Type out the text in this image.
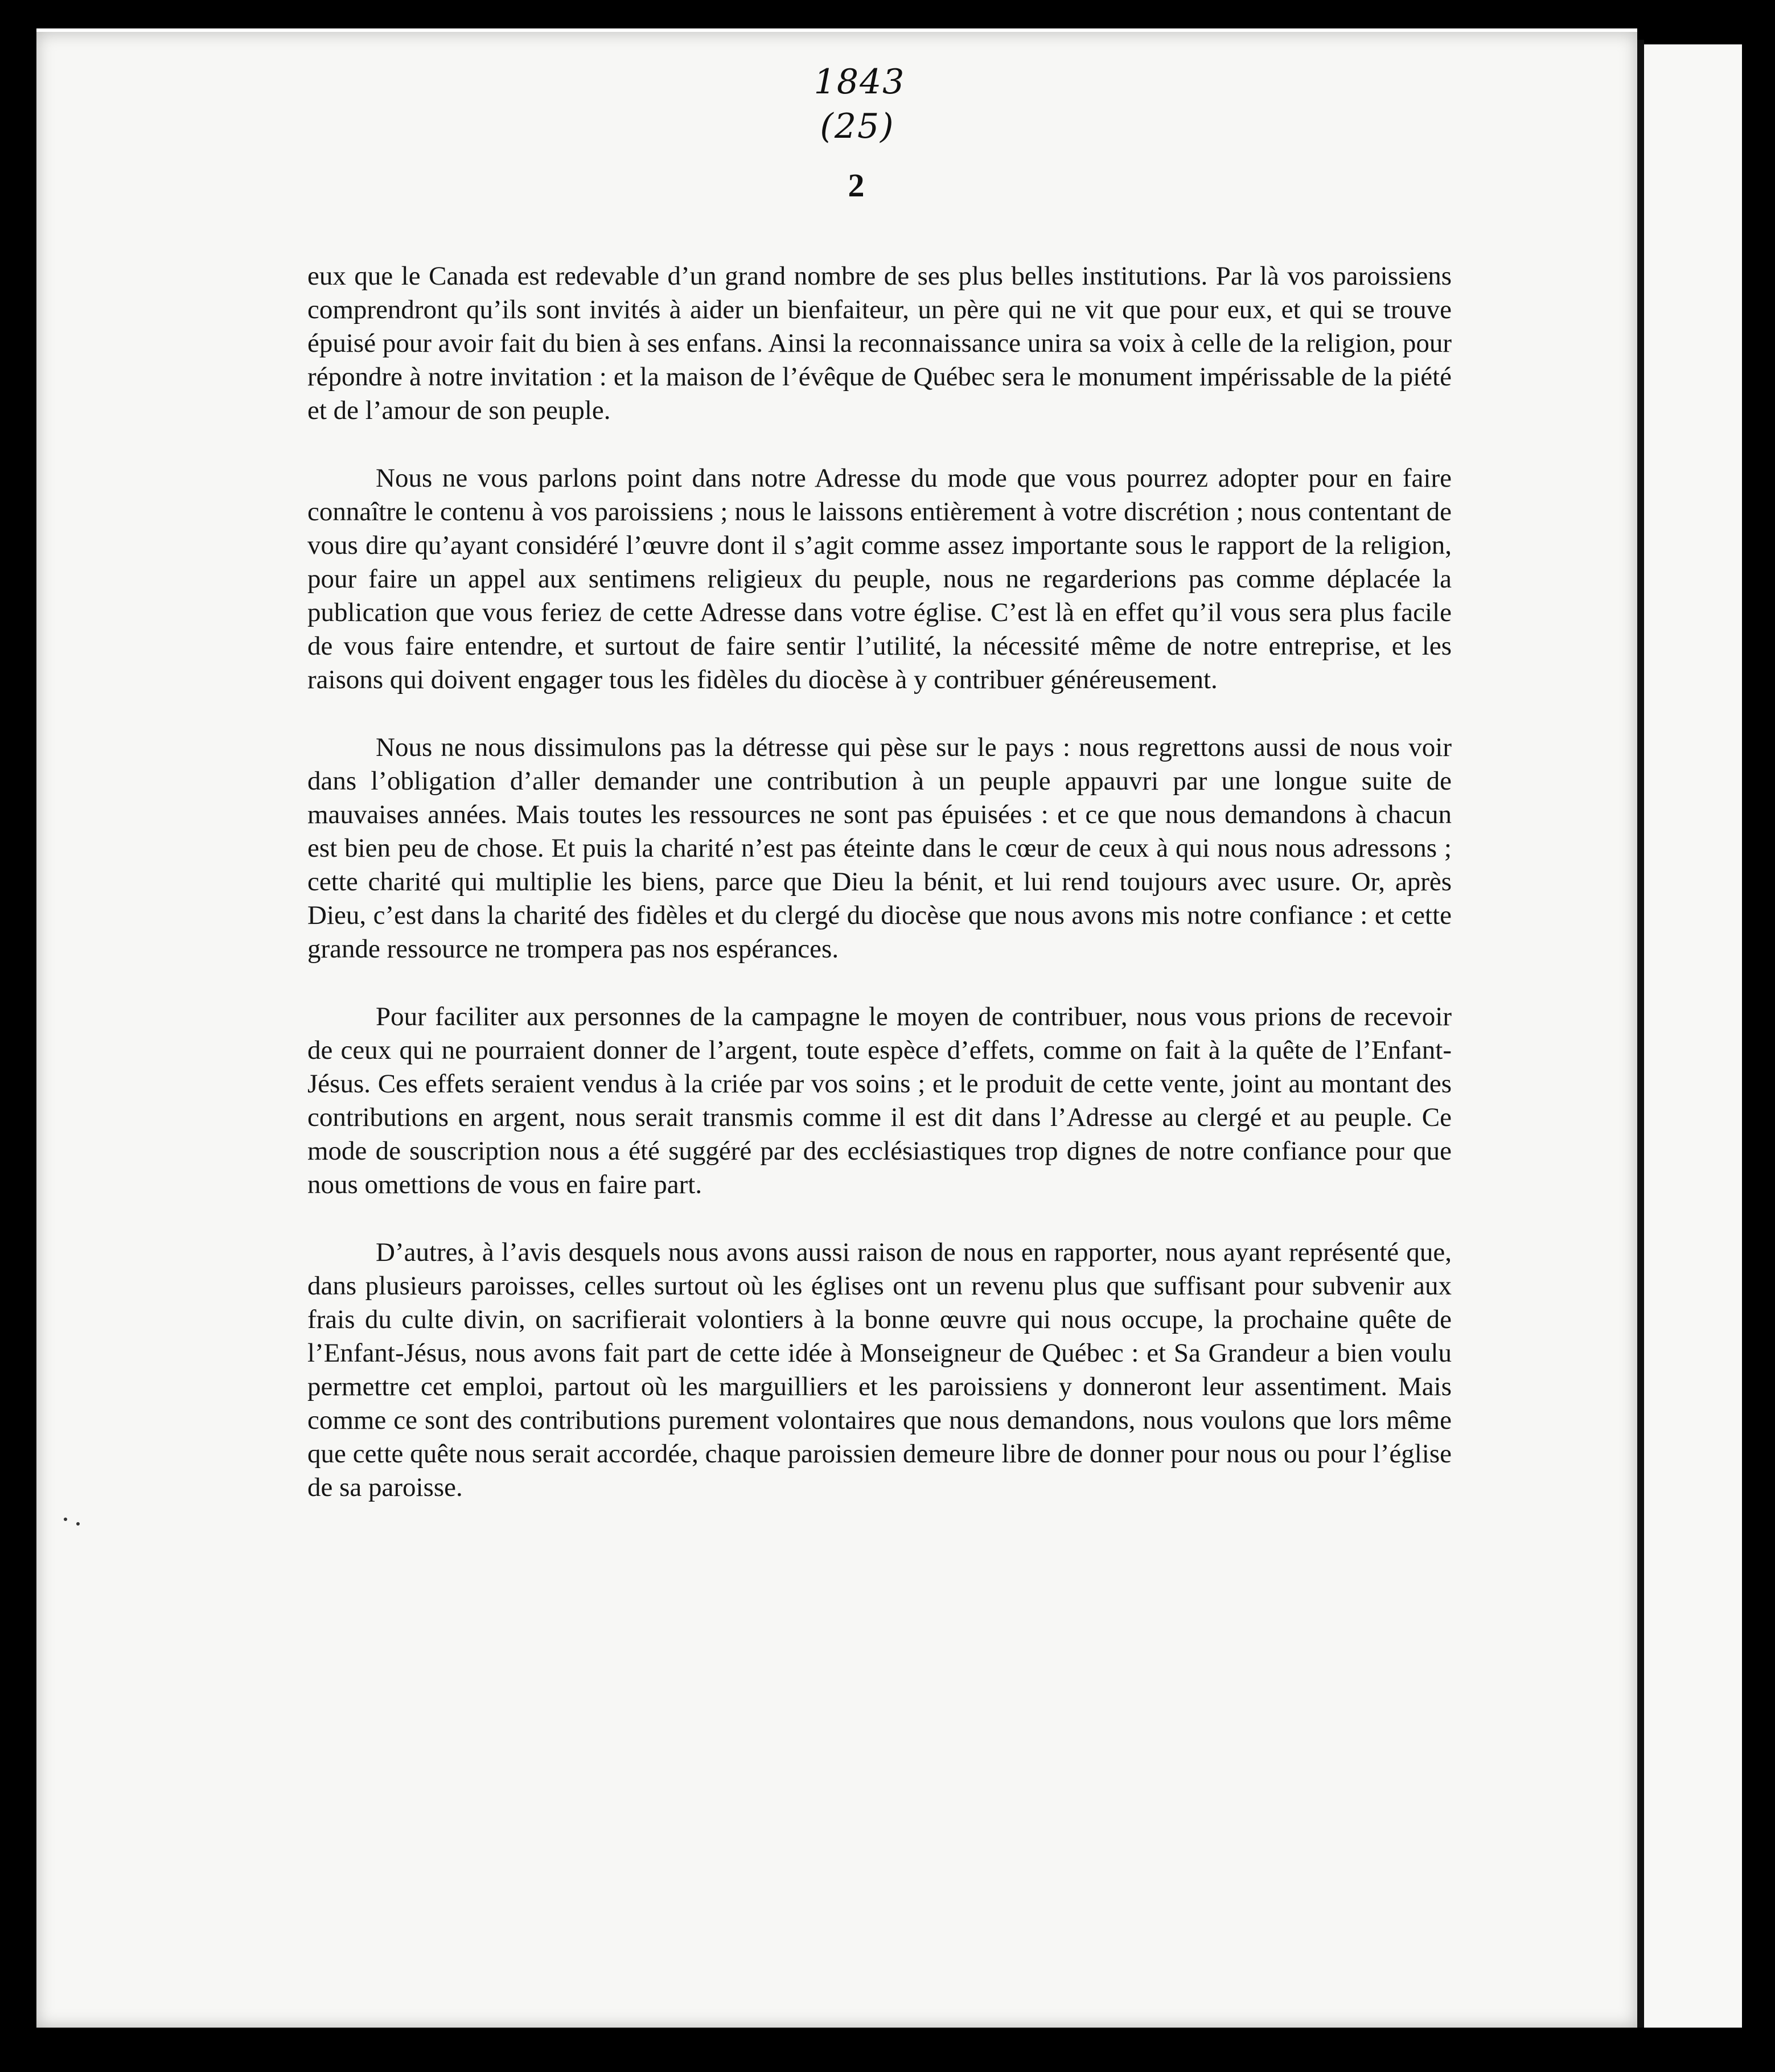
1843
(25)
2

eux que le Canada est redevable d’un grand nombre de ses plus belles institutions. Par là vos paroissiens comprendront qu’ils sont invités à aider un bienfaiteur, un père qui ne vit que pour eux, et qui se trouve épuisé pour avoir fait du bien à ses enfans. Ainsi la reconnaissance unira sa voix à celle de la religion, pour répondre à notre invitation : et la maison de l’évêque de Québec sera le monument impérissable de la piété et de l’amour de son peuple.

Nous ne vous parlons point dans notre Adresse du mode que vous pourrez adopter pour en faire connaître le contenu à vos paroissiens ; nous le laissons entièrement à votre discrétion ; nous contentant de vous dire qu’ayant considéré l’œuvre dont il s’agit comme assez importante sous le rapport de la religion, pour faire un appel aux sentimens religieux du peuple, nous ne regarderions pas comme déplacée la publication que vous feriez de cette Adresse dans votre église. C’est là en effet qu’il vous sera plus facile de vous faire entendre, et surtout de faire sentir l’utilité, la nécessité même de notre entreprise, et les raisons qui doivent engager tous les fidèles du diocèse à y contribuer généreusement.

Nous ne nous dissimulons pas la détresse qui pèse sur le pays : nous regrettons aussi de nous voir dans l’obligation d’aller demander une contribution à un peuple appauvri par une longue suite de mauvaises années. Mais toutes les ressources ne sont pas épuisées : et ce que nous demandons à chacun est bien peu de chose. Et puis la charité n’est pas éteinte dans le cœur de ceux à qui nous nous adressons ; cette charité qui multiplie les biens, parce que Dieu la bénit, et lui rend toujours avec usure. Or, après Dieu, c’est dans la charité des fidèles et du clergé du diocèse que nous avons mis notre confiance : et cette grande ressource ne trompera pas nos espérances.

Pour faciliter aux personnes de la campagne le moyen de contribuer, nous vous prions de recevoir de ceux qui ne pourraient donner de l’argent, toute espèce d’effets, comme on fait à la quête de l’Enfant-Jésus. Ces effets seraient vendus à la criée par vos soins ; et le produit de cette vente, joint au montant des contributions en argent, nous serait transmis comme il est dit dans l’Adresse au clergé et au peuple. Ce mode de souscription nous a été suggéré par des ecclésiastiques trop dignes de notre confiance pour que nous omettions de vous en faire part.

D’autres, à l’avis desquels nous avons aussi raison de nous en rapporter, nous ayant représenté que, dans plusieurs paroisses, celles surtout où les églises ont un revenu plus que suffisant pour subvenir aux frais du culte divin, on sacrifierait volontiers à la bonne œuvre qui nous occupe, la prochaine quête de l’Enfant-Jésus, nous avons fait part de cette idée à Monseigneur de Québec : et Sa Grandeur a bien voulu permettre cet emploi, partout où les marguilliers et les paroissiens y donneront leur assentiment. Mais comme ce sont des contributions purement volontaires que nous demandons, nous voulons que lors même que cette quête nous serait accordée, chaque paroissien demeure libre de donner pour nous ou pour l’église de sa paroisse.
